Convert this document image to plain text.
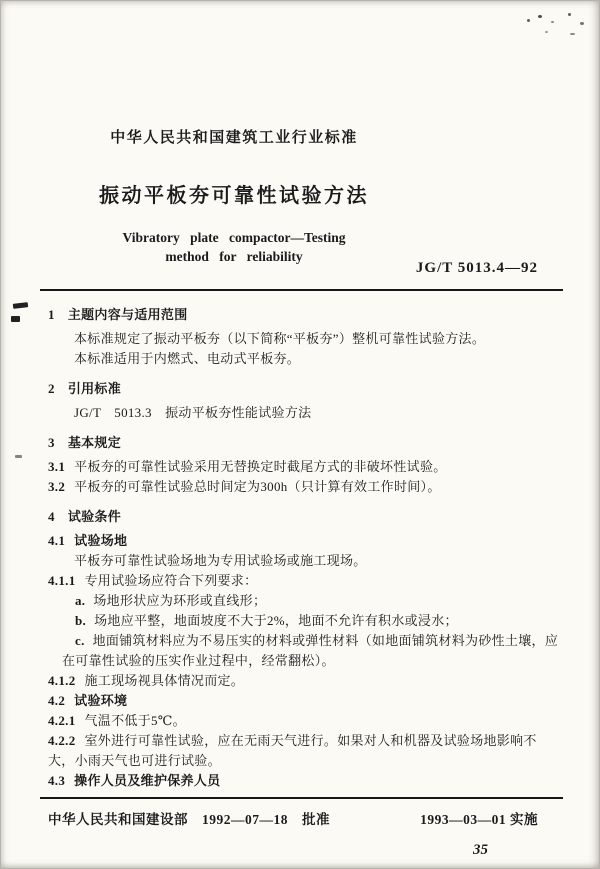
中华人民共和国建筑工业行业标准
振动平板夯可靠性试验方法
Vibratory plate compactor—Testing
method for reliability
JG/T 5013.4—92
1 主题内容与适用范围
本标准规定了振动平板夯（以下简称“平板夯”）整机可靠性试验方法。
本标准适用于内燃式、电动式平板夯。
2 引用标准
JG/T　5013.3　振动平板夯性能试验方法
3 基本规定
3.1 平板夯的可靠性试验采用无替换定时截尾方式的非破坏性试验。
3.2 平板夯的可靠性试验总时间定为300h（只计算有效工作时间）。
4 试验条件
4.1 试验场地
平板夯可靠性试验场地为专用试验场或施工现场。
4.1.1 专用试验场应符合下列要求：
a. 场地形状应为环形或直线形；
b. 场地应平整，地面坡度不大于2%，地面不允许有积水或浸水；
c. 地面铺筑材料应为不易压实的材料或弹性材料（如地面铺筑材料为砂性土壤，应在可靠性试验的压实作业过程中，经常翻松）。
4.1.2 施工现场视具体情况而定。
4.2 试验环境
4.2.1 气温不低于5℃。
4.2.2 室外进行可靠性试验，应在无雨天气进行。如果对人和机器及试验场地影响不大，小雨天气也可进行试验。
4.3 操作人员及维护保养人员
中华人民共和国建设部　1992—07—18　批准	1993—03—01 实施
35
